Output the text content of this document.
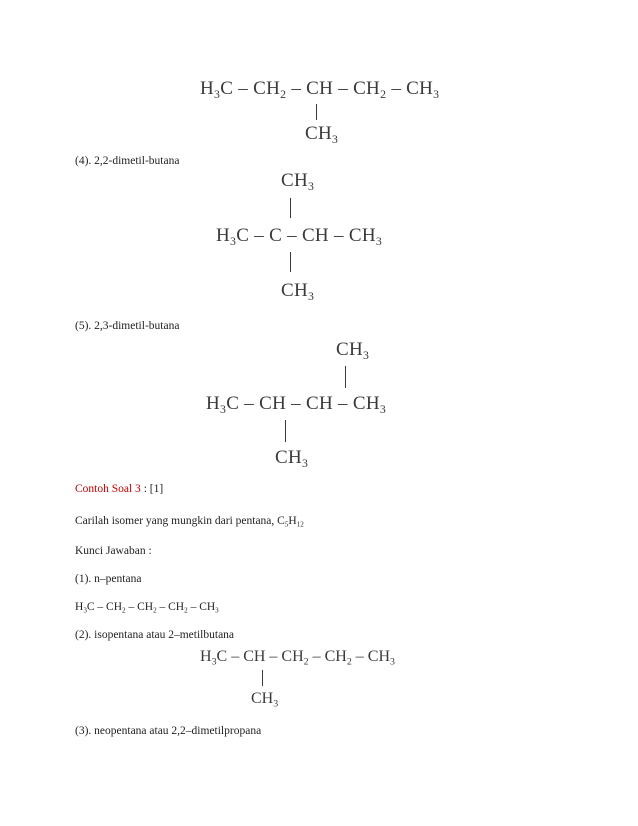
$H_3C - CH_2$ – CH – $CH_2 - CH_3$
$CH_3$
(4). 2,2-dimetil-butana
$CH_3$
$H_3C$ – C – CH – $CH_3$
$CH_3$
(5). 2,3-dimetil-butana
$CH_3$
$H_3C$ – CH – CH – $CH_3$
$CH_3$
Contoh Soal 3 : [1]
Carilah isomer yang mungkin dari pentana, $C_5H_{12}$
Kunci Jawaban :
(1). n–pentana
$H_3C - CH_2 - CH_2 - CH_2 - CH_3$
(2). isopentana atau 2–metilbutana
$H_3C$ – CH – $CH_2 - CH_2 - CH_3$
$CH_3$
(3). neopentana atau 2,2–dimetilpropana
